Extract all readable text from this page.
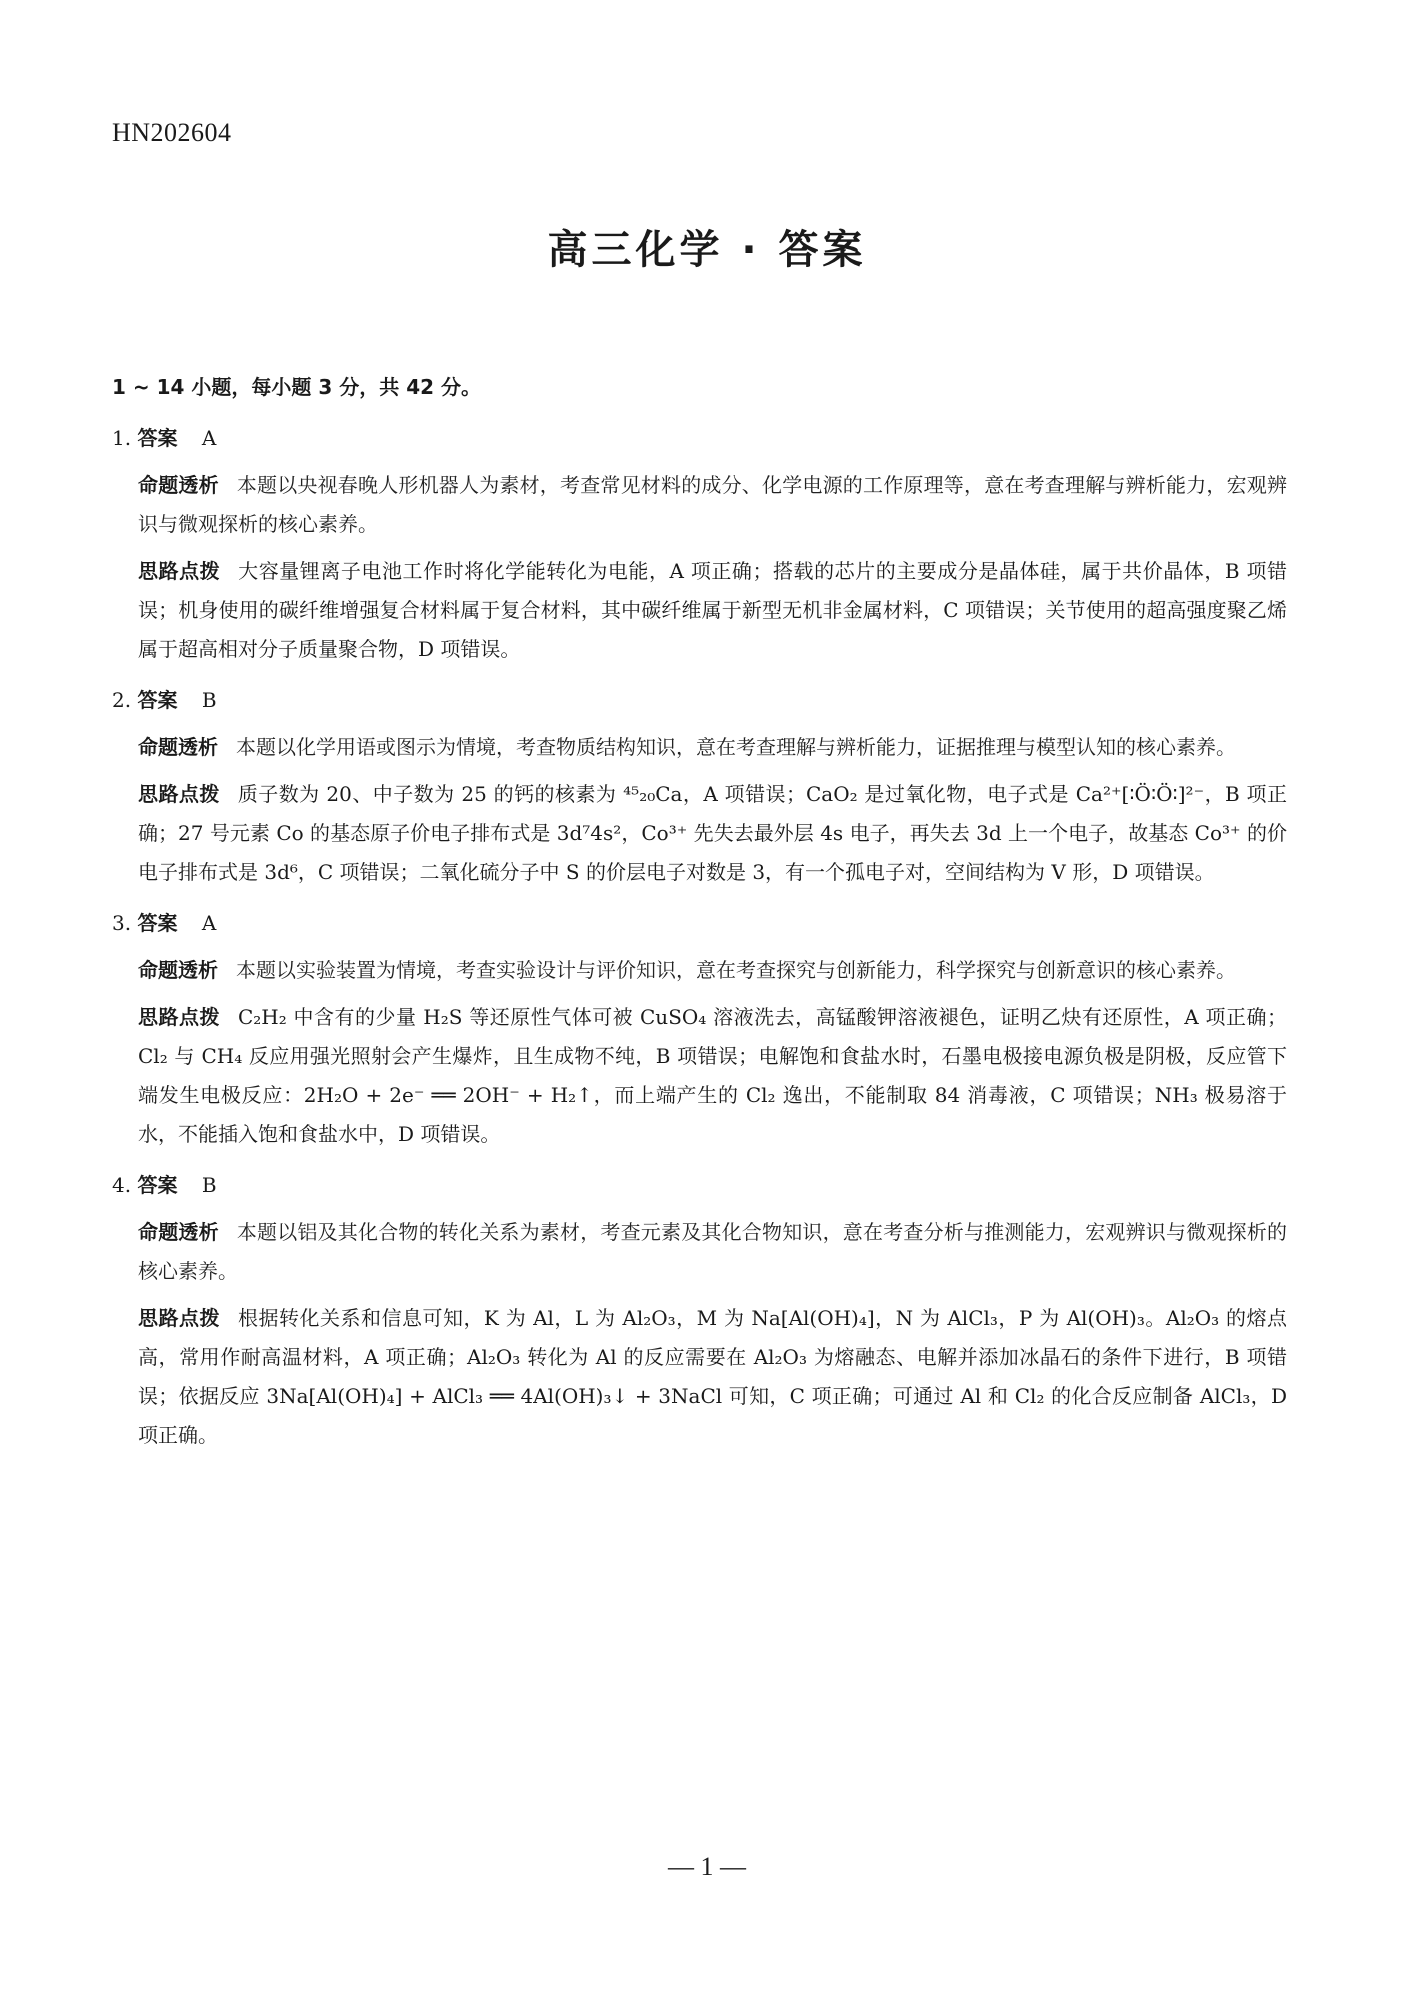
HN202604
高三化学 · 答案
1 ~ 14 小题，每小题 3 分，共 42 分。
1. 答案 A
命题透析 本题以央视春晚人形机器人为素材，考查常见材料的成分、化学电源的工作原理等，意在考查理解与辨析能力，宏观辨识与微观探析的核心素养。
思路点拨 大容量锂离子电池工作时将化学能转化为电能，A 项正确；搭载的芯片的主要成分是晶体硅，属于共价晶体，B 项错误；机身使用的碳纤维增强复合材料属于复合材料，其中碳纤维属于新型无机非金属材料，C 项错误；关节使用的超高强度聚乙烯属于超高相对分子质量聚合物，D 项错误。
2. 答案 B
命题透析 本题以化学用语或图示为情境，考查物质结构知识，意在考查理解与辨析能力，证据推理与模型认知的核心素养。
思路点拨 质子数为 20、中子数为 25 的钙的核素为 ⁴⁵₂₀Ca，A 项错误；CaO₂ 是过氧化物，电子式是 Ca²⁺[∶Ö∶Ö∶]²⁻，B 项正确；27 号元素 Co 的基态原子价电子排布式是 3d⁷4s²，Co³⁺ 先失去最外层 4s 电子，再失去 3d 上一个电子，故基态 Co³⁺ 的价电子排布式是 3d⁶，C 项错误；二氧化硫分子中 S 的价层电子对数是 3，有一个孤电子对，空间结构为 V 形，D 项错误。
3. 答案 A
命题透析 本题以实验装置为情境，考查实验设计与评价知识，意在考查探究与创新能力，科学探究与创新意识的核心素养。
思路点拨 C₂H₂ 中含有的少量 H₂S 等还原性气体可被 CuSO₄ 溶液洗去，高锰酸钾溶液褪色，证明乙炔有还原性，A 项正确；Cl₂ 与 CH₄ 反应用强光照射会产生爆炸，且生成物不纯，B 项错误；电解饱和食盐水时，石墨电极接电源负极是阴极，反应管下端发生电极反应：2H₂O + 2e⁻ ══ 2OH⁻ + H₂↑，而上端产生的 Cl₂ 逸出，不能制取 84 消毒液，C 项错误；NH₃ 极易溶于水，不能插入饱和食盐水中，D 项错误。
4. 答案 B
命题透析 本题以铝及其化合物的转化关系为素材，考查元素及其化合物知识，意在考查分析与推测能力，宏观辨识与微观探析的核心素养。
思路点拨 根据转化关系和信息可知，K 为 Al，L 为 Al₂O₃，M 为 Na[Al(OH)₄]，N 为 AlCl₃，P 为 Al(OH)₃。Al₂O₃ 的熔点高，常用作耐高温材料，A 项正确；Al₂O₃ 转化为 Al 的反应需要在 Al₂O₃ 为熔融态、电解并添加冰晶石的条件下进行，B 项错误；依据反应 3Na[Al(OH)₄] + AlCl₃ ══ 4Al(OH)₃↓ + 3NaCl 可知，C 项正确；可通过 Al 和 Cl₂ 的化合反应制备 AlCl₃，D 项正确。
— 1 —
